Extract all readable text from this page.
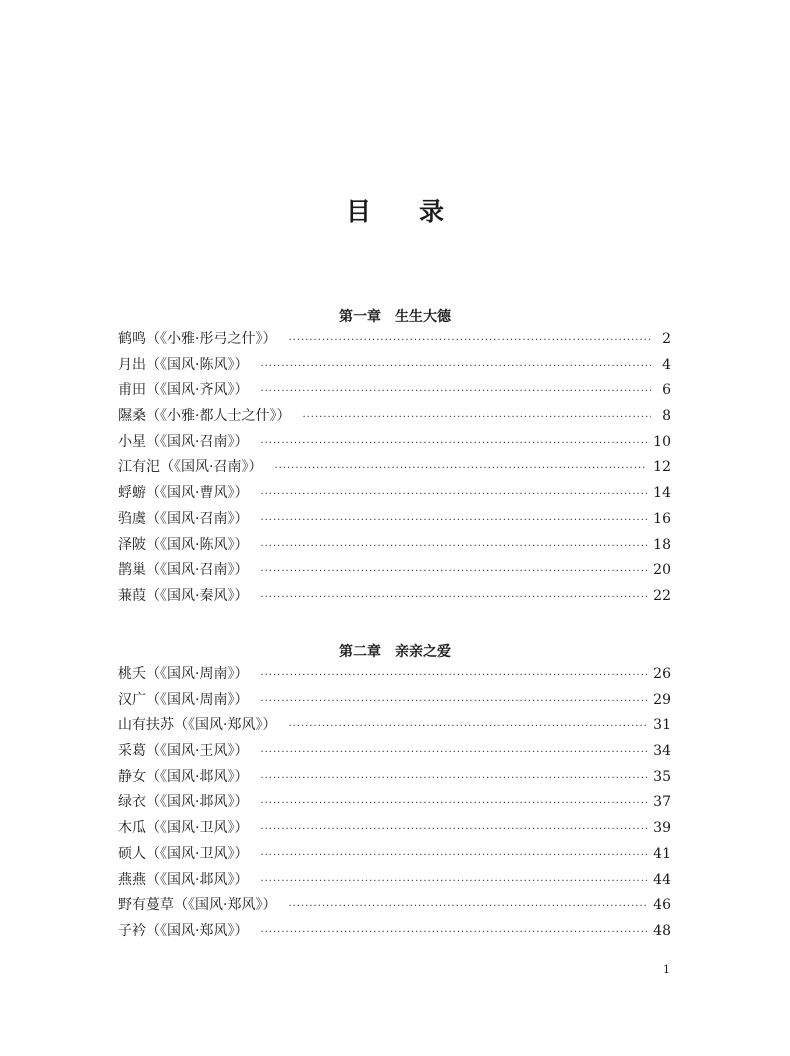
目 录
第一章 生生大德
鹤鸣（《小雅·彤弓之什》） ·····	2
月出（《国风·陈风》） ·····	4
甫田（《国风·齐风》） ·····	6
隰桑（《小雅·都人士之什》） ·····	8
小星（《国风·召南》） ·····	10
江有汜（《国风·召南》） ·····	12
蜉蝣（《国风·曹风》） ·····	14
驺虞（《国风·召南》） ·····	16
泽陂（《国风·陈风》） ·····	18
鹊巢（《国风·召南》） ·····	20
蒹葭（《国风·秦风》） ·····	22
第二章 亲亲之爱
桃夭（《国风·周南》） ·····	26
汉广（《国风·周南》） ·····	29
山有扶苏（《国风·郑风》） ·····	31
采葛（《国风·王风》） ·····	34
静女（《国风·邶风》） ·····	35
绿衣（《国风·邶风》） ·····	37
木瓜（《国风·卫风》） ·····	39
硕人（《国风·卫风》） ·····	41
燕燕（《国风·邶风》） ·····	44
野有蔓草（《国风·郑风》） ·····	46
子衿（《国风·郑风》） ·····	48
1
